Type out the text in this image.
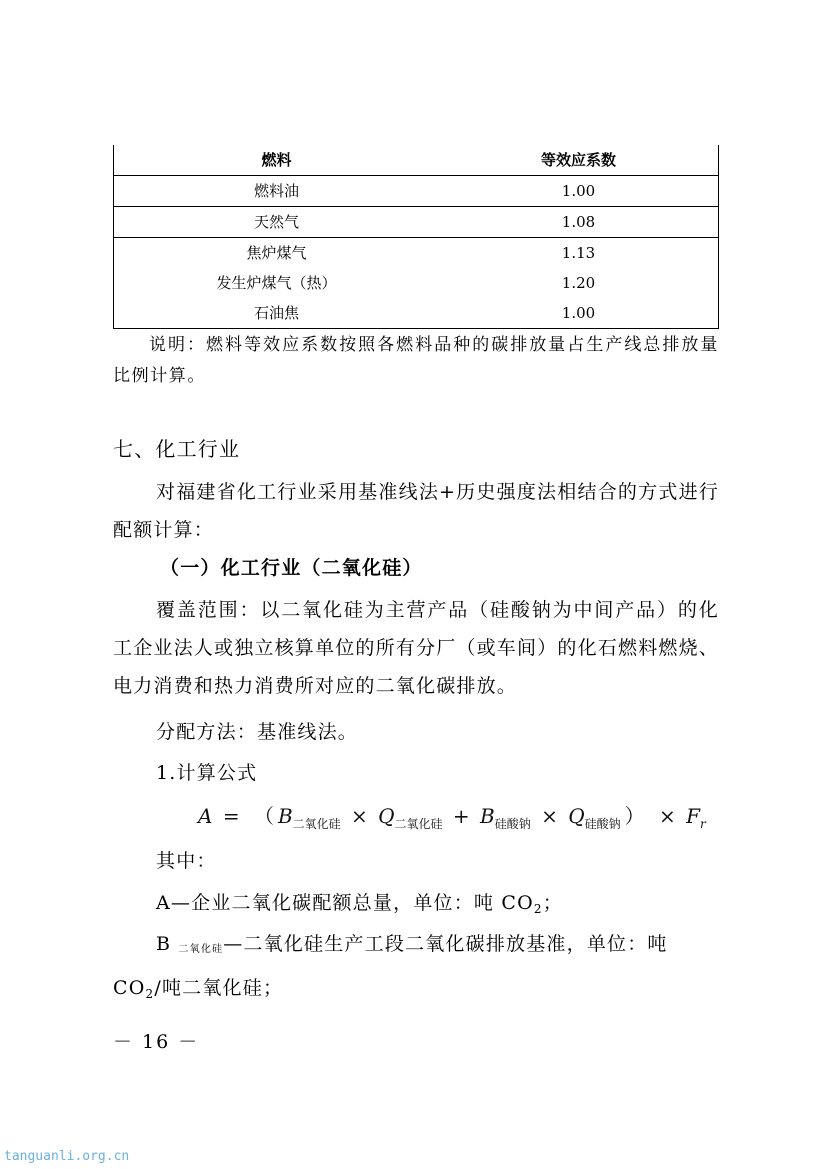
燃料	等效应系数
燃料油	1.00
天然气	1.08
焦炉煤气	1.13
发生炉煤气（热）	1.20
石油焦	1.00
说明：燃料等效应系数按照各燃料品种的碳排放量占生产线总排放量比例计算。
七、化工行业
对福建省化工行业采用基准线法+历史强度法相结合的方式进行配额计算：
（一）化工行业（二氧化硅）
覆盖范围：以二氧化硅为主营产品（硅酸钠为中间产品）的化工企业法人或独立核算单位的所有分厂（或车间）的化石燃料燃烧、电力消费和热力消费所对应的二氧化碳排放。
分配方法：基准线法。
1.计算公式
A = （ $B_{二氧化硅} \times Q_{二氧化硅} + B_{硅酸钠} \times Q_{硅酸钠}$ ） × $F_r$
其中：
A—企业二氧化碳配额总量，单位：吨 $CO_2$；
B 二氧化硅—二氧化硅生产工段二氧化碳排放基准，单位：吨
$CO_2/$吨二氧化硅；
－ 16 －
tanguanli.org.cn
